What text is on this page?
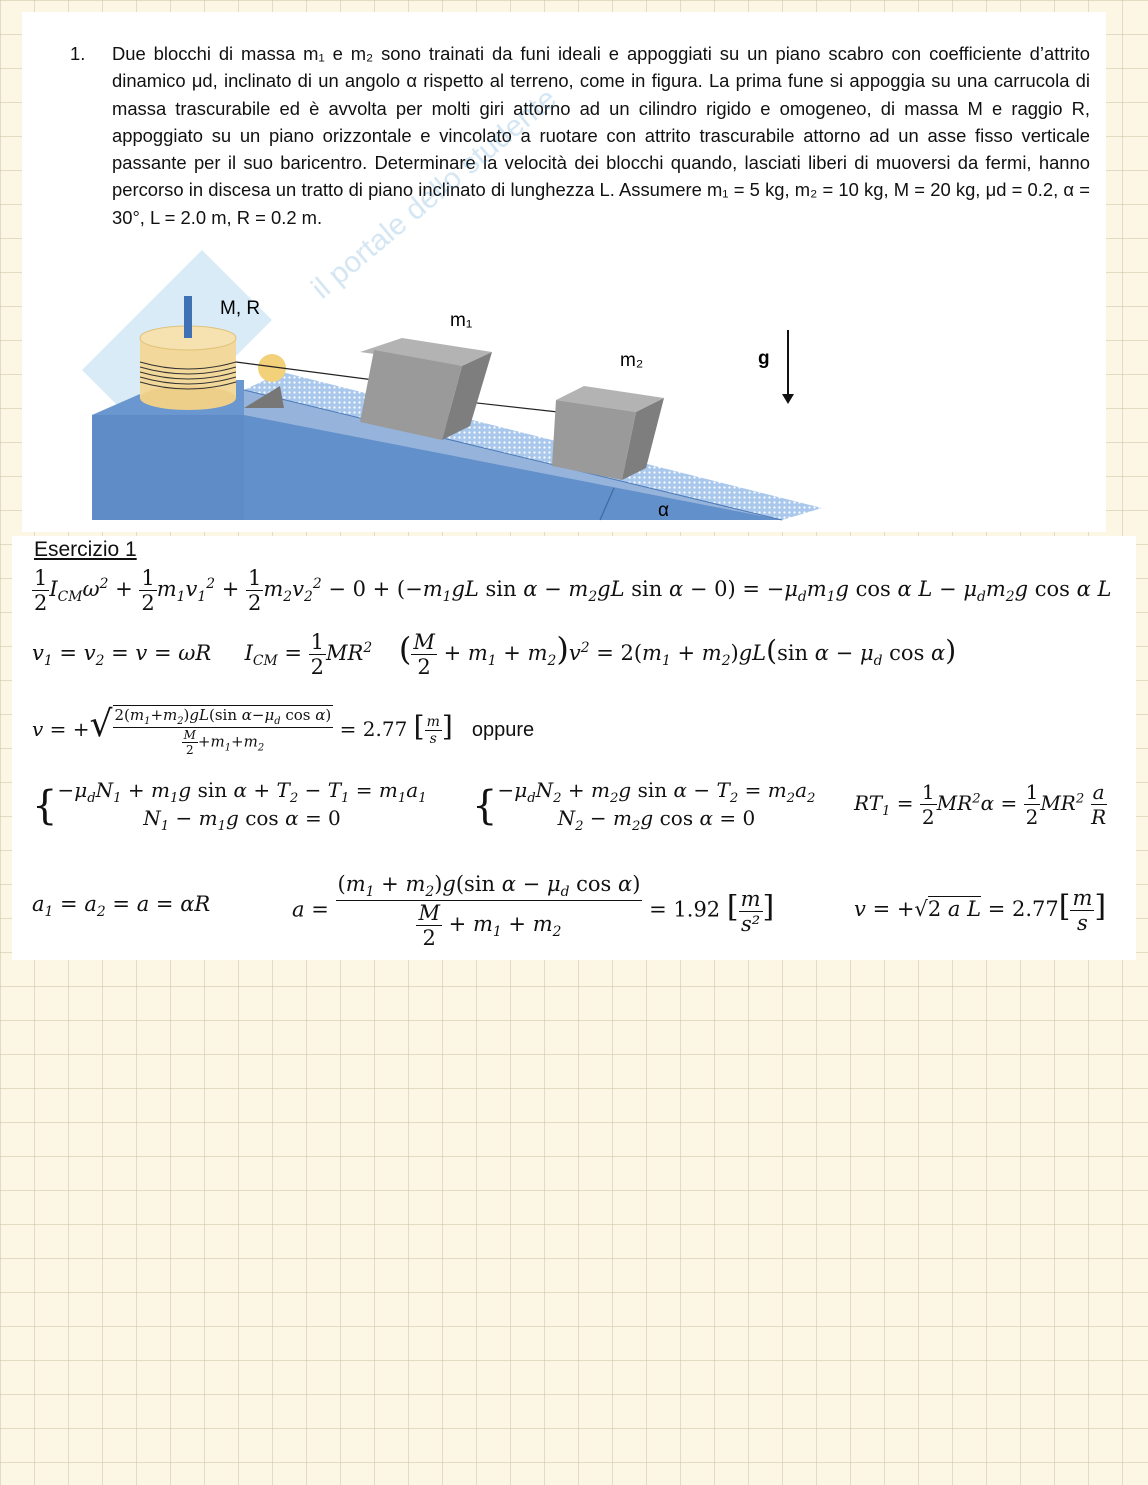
1. Due blocchi di massa m₁ e m₂ sono trainati da funi ideali e appoggiati su un piano scabro con coefficiente d’attrito dinamico μd, inclinato di un angolo α rispetto al terreno, come in figura. La prima fune si appoggia su una carrucola di massa trascurabile ed è avvolta per molti giri attorno ad un cilindro rigido e omogeneo, di massa M e raggio R, appoggiato su un piano orizzontale e vincolato a ruotare con attrito trascurabile attorno ad un asse fisso verticale passante per il suo baricentro. Determinare la velocità dei blocchi quando, lasciati liberi di muoversi da fermi, hanno percorso in discesa un tratto di piano inclinato di lunghezza L. Assumere m₁ = 5 kg, m₂ = 10 kg, M = 20 kg, μd = 0.2, α = 30°, L = 2.0 m, R = 0.2 m.
il portale dello studente
M, R
m₁
m₂	g
α
Esercizio 1
$\frac{1}{2} I_{CM}\omega^2 + \frac{1}{2} m_1v_1^2 + \frac{1}{2} m_2v_2^2 - 0 + (-m_1gL$ $\sin \alpha - m_2gL$ $\sin \alpha - 0) = -\mu_dm_1g$ cos α $L - \mu_dm_2g$ cos α L
$v_1 = v_2 = v = \omega R$ $I_{CM} = \frac{1}{2} MR^2$ ( $\frac{M}{2} + m_1 + m_2)v^2 = 2(m_1 + m_2)gL(\sin$ $\alpha - \mu_d$ cos α)
v = +√ $\frac{2(m_1+m_2)gL(\sin \alpha-\mu_d \cos \alpha)}{\frac{M}{2} +m_1+m_2} = 2.77$ [ $\frac{m}{s}$ ] oppure
{ $-\mu_dN_1 + m_1g$ $\sin \alpha + T_2 - T_1 = m_1a_1$
$N_1 - m_1g$ cos α = 0	{ $-\mu_dN_2 + m_2g$ $\sin \alpha - T_2 = m_2a_2$
$N_2 - m_2g$ cos α = 0
$RT_1 = \frac{1}{2} MR^2\alpha = \frac{1}{2} MR^2 \frac{a}{R}$
$a_1 = a_2 = a = \alpha R$	$a = \frac{(m_1 + m_2)g(\sin \alpha - \mu_d \cos \alpha)}{\frac{M}{2} + m_1 + m_2} = 1.92$ [ $\frac{m}{\text{s²}}$ ]	v = +√2 a $L = 2.77[ \frac{m}{s}$ ]
